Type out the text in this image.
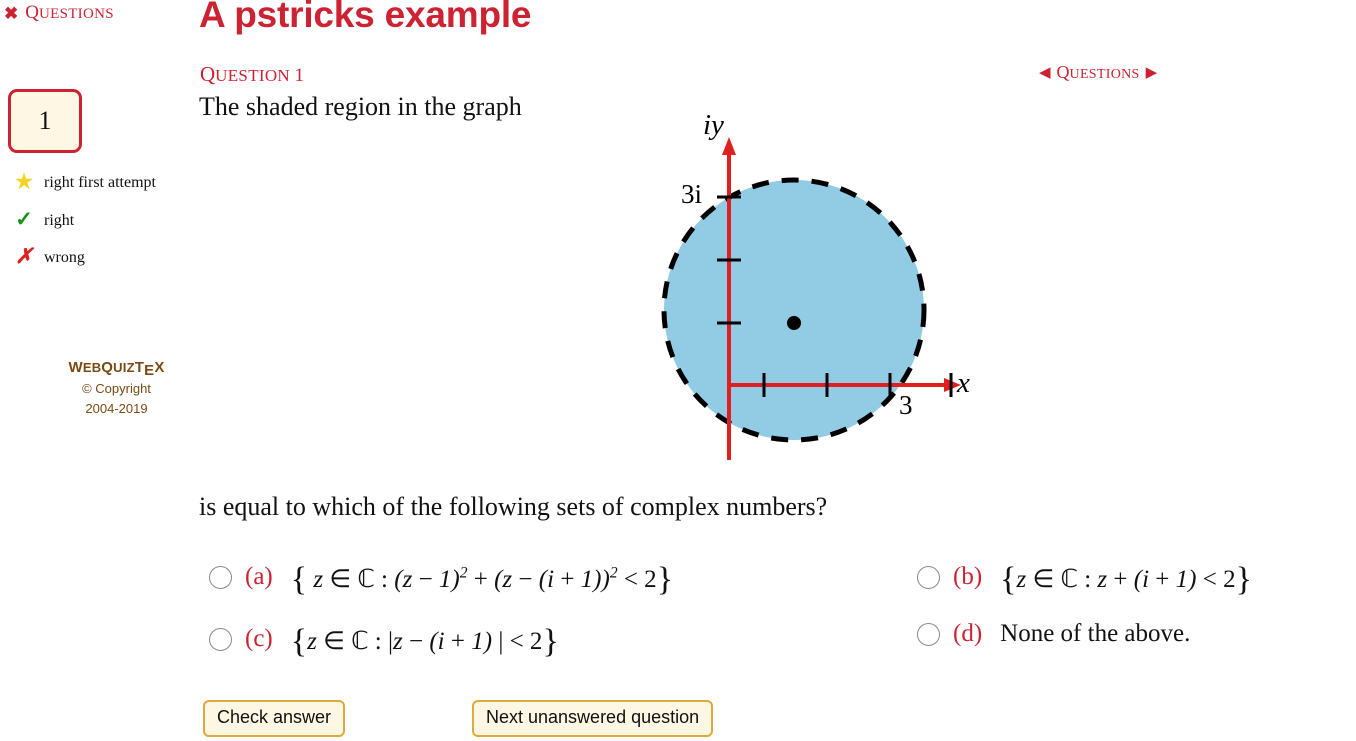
✖ QUESTIONS
1
★ right first attempt
✓ right
✗ wrong
WEBQUIZTEX
© Copyright
2004-2019
A pstricks example
QUESTION 1	◀ QUESTIONS ▶
The shaded region in the graph
iy
x
3i
3
is equal to which of the following sets of complex numbers?
(a) { z ∈ ℂ : $(z - 1)^2 + (z - (i + 1))^2 < 2$}	(b) {z ∈ ℂ : z + (i + 1) < 2}
(c) {z ∈ ℂ : |z − (i + 1) | < 2}	(d) None of the above.
Check answer	Next unanswered question
